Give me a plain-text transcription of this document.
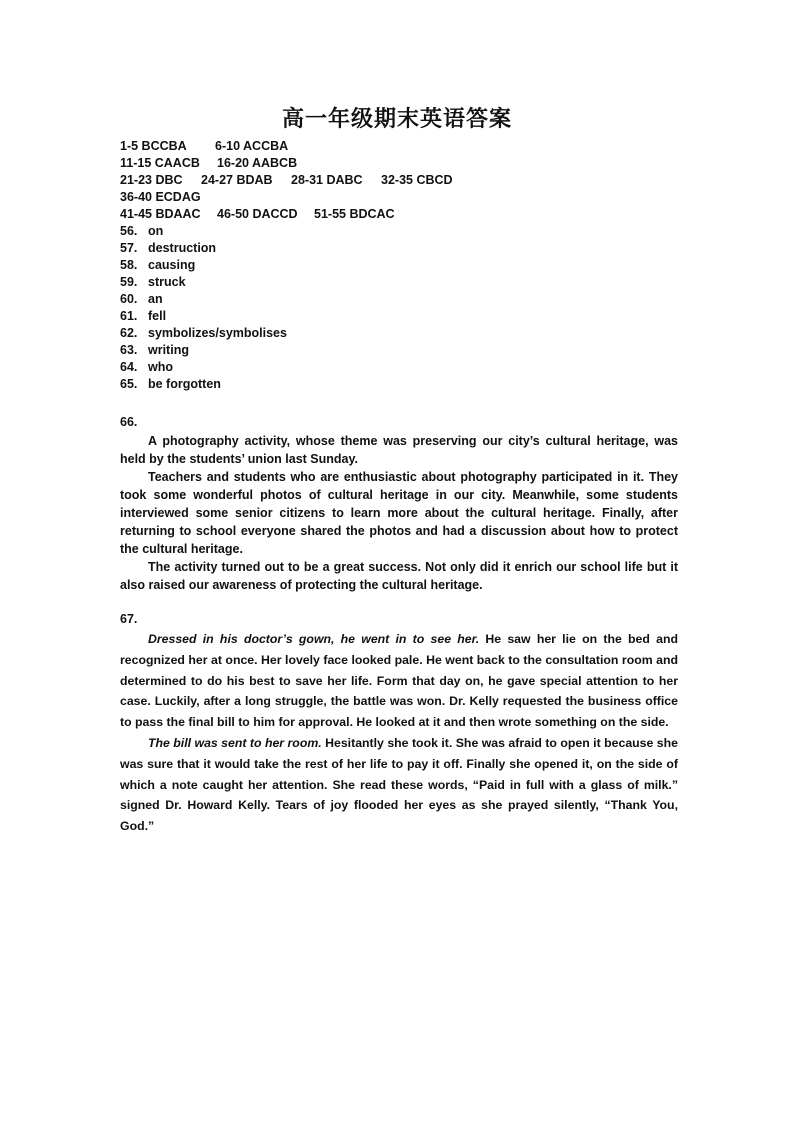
高一年级期末英语答案
1-5 BCCBA 6-10 ACCBA
11-15 CAACB 16-20 AABCB
21-23 DBC 24-27 BDAB 28-31 DABC 32-35 CBCD
36-40 ECDAG
41-45 BDAAC 46-50 DACCD 51-55 BDCAC
56. on
57. destruction
58. causing
59. struck
60. an
61. fell
62. symbolizes/symbolises
63. writing
64. who
65. be forgotten
66.

A photography activity, whose theme was preserving our city’s cultural heritage, was held by the students’ union last Sunday.

Teachers and students who are enthusiastic about photography participated in it. They took some wonderful photos of cultural heritage in our city. Meanwhile, some students interviewed some senior citizens to learn more about the cultural heritage. Finally, after returning to school everyone shared the photos and had a discussion about how to protect the cultural heritage.

The activity turned out to be a great success. Not only did it enrich our school life but it also raised our awareness of protecting the cultural heritage.

67.

Dressed in his doctor’s gown, he went in to see her. He saw her lie on the bed and recognized her at once. Her lovely face looked pale. He went back to the consultation room and determined to do his best to save her life. Form that day on, he gave special attention to her case. Luckily, after a long struggle, the battle was won. Dr. Kelly requested the business office to pass the final bill to him for approval. He looked at it and then wrote something on the side.

The bill was sent to her room. Hesitantly she took it. She was afraid to open it because she was sure that it would take the rest of her life to pay it off. Finally she opened it, on the side of which a note caught her attention. She read these words, “Paid in full with a glass of milk.” signed Dr. Howard Kelly. Tears of joy flooded her eyes as she prayed silently, “Thank You, God.”
